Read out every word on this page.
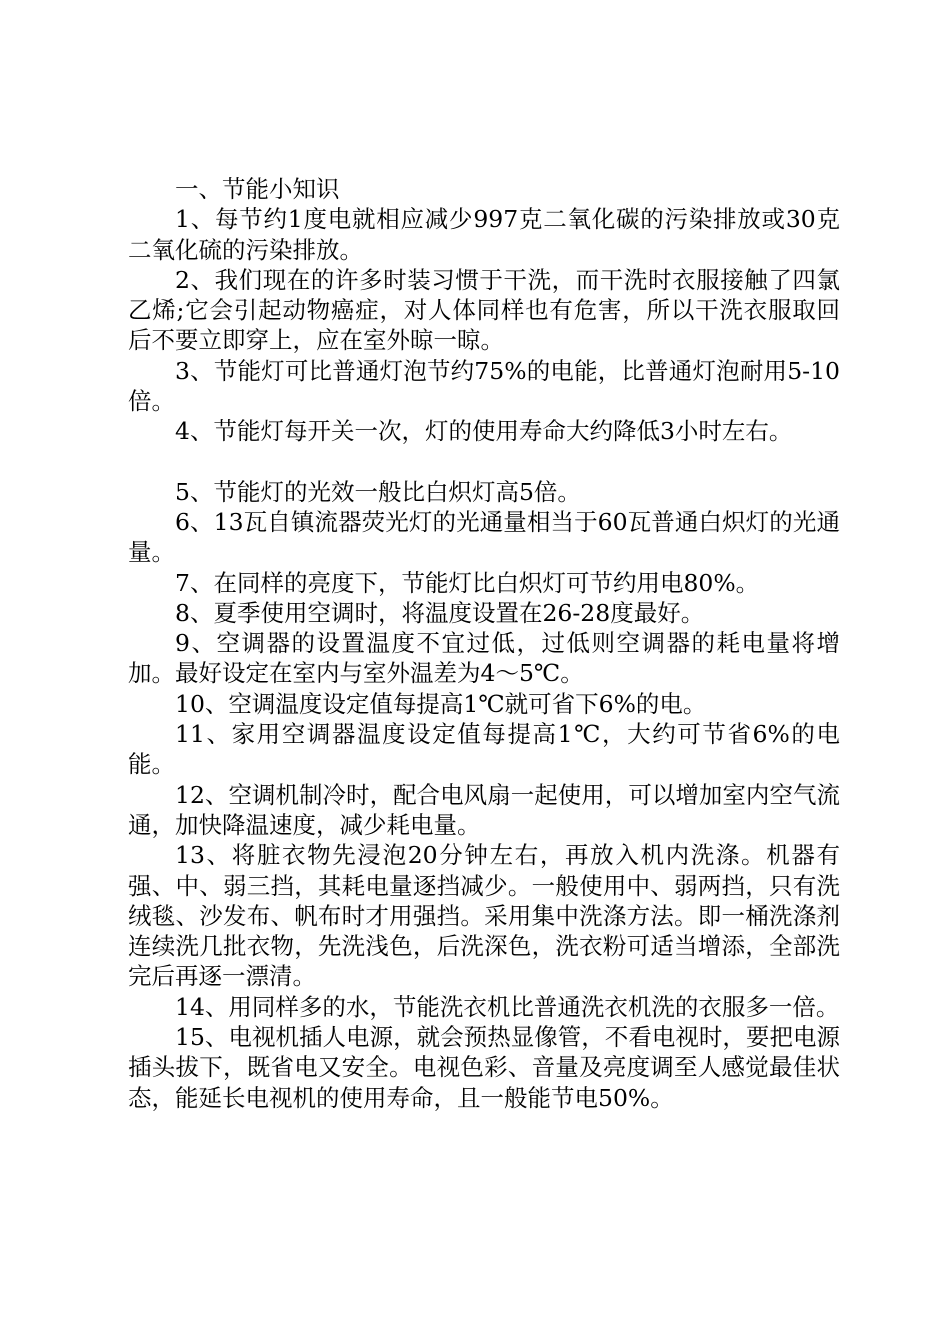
一、节能小知识

1、每节约1度电就相应减少997克二氧化碳的污染排放或30克二氧化硫的污染排放。

2、我们现在的许多时装习惯于干洗，而干洗时衣服接触了四氯乙烯;它会引起动物癌症，对人体同样也有危害，所以干洗衣服取回后不要立即穿上，应在室外晾一晾。

3、节能灯可比普通灯泡节约75%的电能，比普通灯泡耐用5-10倍。

4、节能灯每开关一次，灯的使用寿命大约降低3小时左右。

5、节能灯的光效一般比白炽灯高5倍。

6、13瓦自镇流器荧光灯的光通量相当于60瓦普通白炽灯的光通量。

7、在同样的亮度下，节能灯比白炽灯可节约用电80%。

8、夏季使用空调时，将温度设置在26-28度最好。

9、空调器的设置温度不宜过低，过低则空调器的耗电量将增加。最好设定在室内与室外温差为4～5℃。

10、空调温度设定值每提高1℃就可省下6%的电。

11、家用空调器温度设定值每提高1℃，大约可节省6%的电能。

12、空调机制冷时，配合电风扇一起使用，可以增加室内空气流通，加快降温速度，减少耗电量。

13、将脏衣物先浸泡20分钟左右，再放入机内洗涤。机器有强、中、弱三挡，其耗电量逐挡减少。一般使用中、弱两挡，只有洗绒毯、沙发布、帆布时才用强挡。采用集中洗涤方法。即一桶洗涤剂连续洗几批衣物，先洗浅色，后洗深色，洗衣粉可适当增添，全部洗完后再逐一漂清。

14、用同样多的水，节能洗衣机比普通洗衣机洗的衣服多一倍。

15、电视机插人电源，就会预热显像管，不看电视时，要把电源插头拔下，既省电又安全。电视色彩、音量及亮度调至人感觉最佳状态，能延长电视机的使用寿命，且一般能节电50%。
